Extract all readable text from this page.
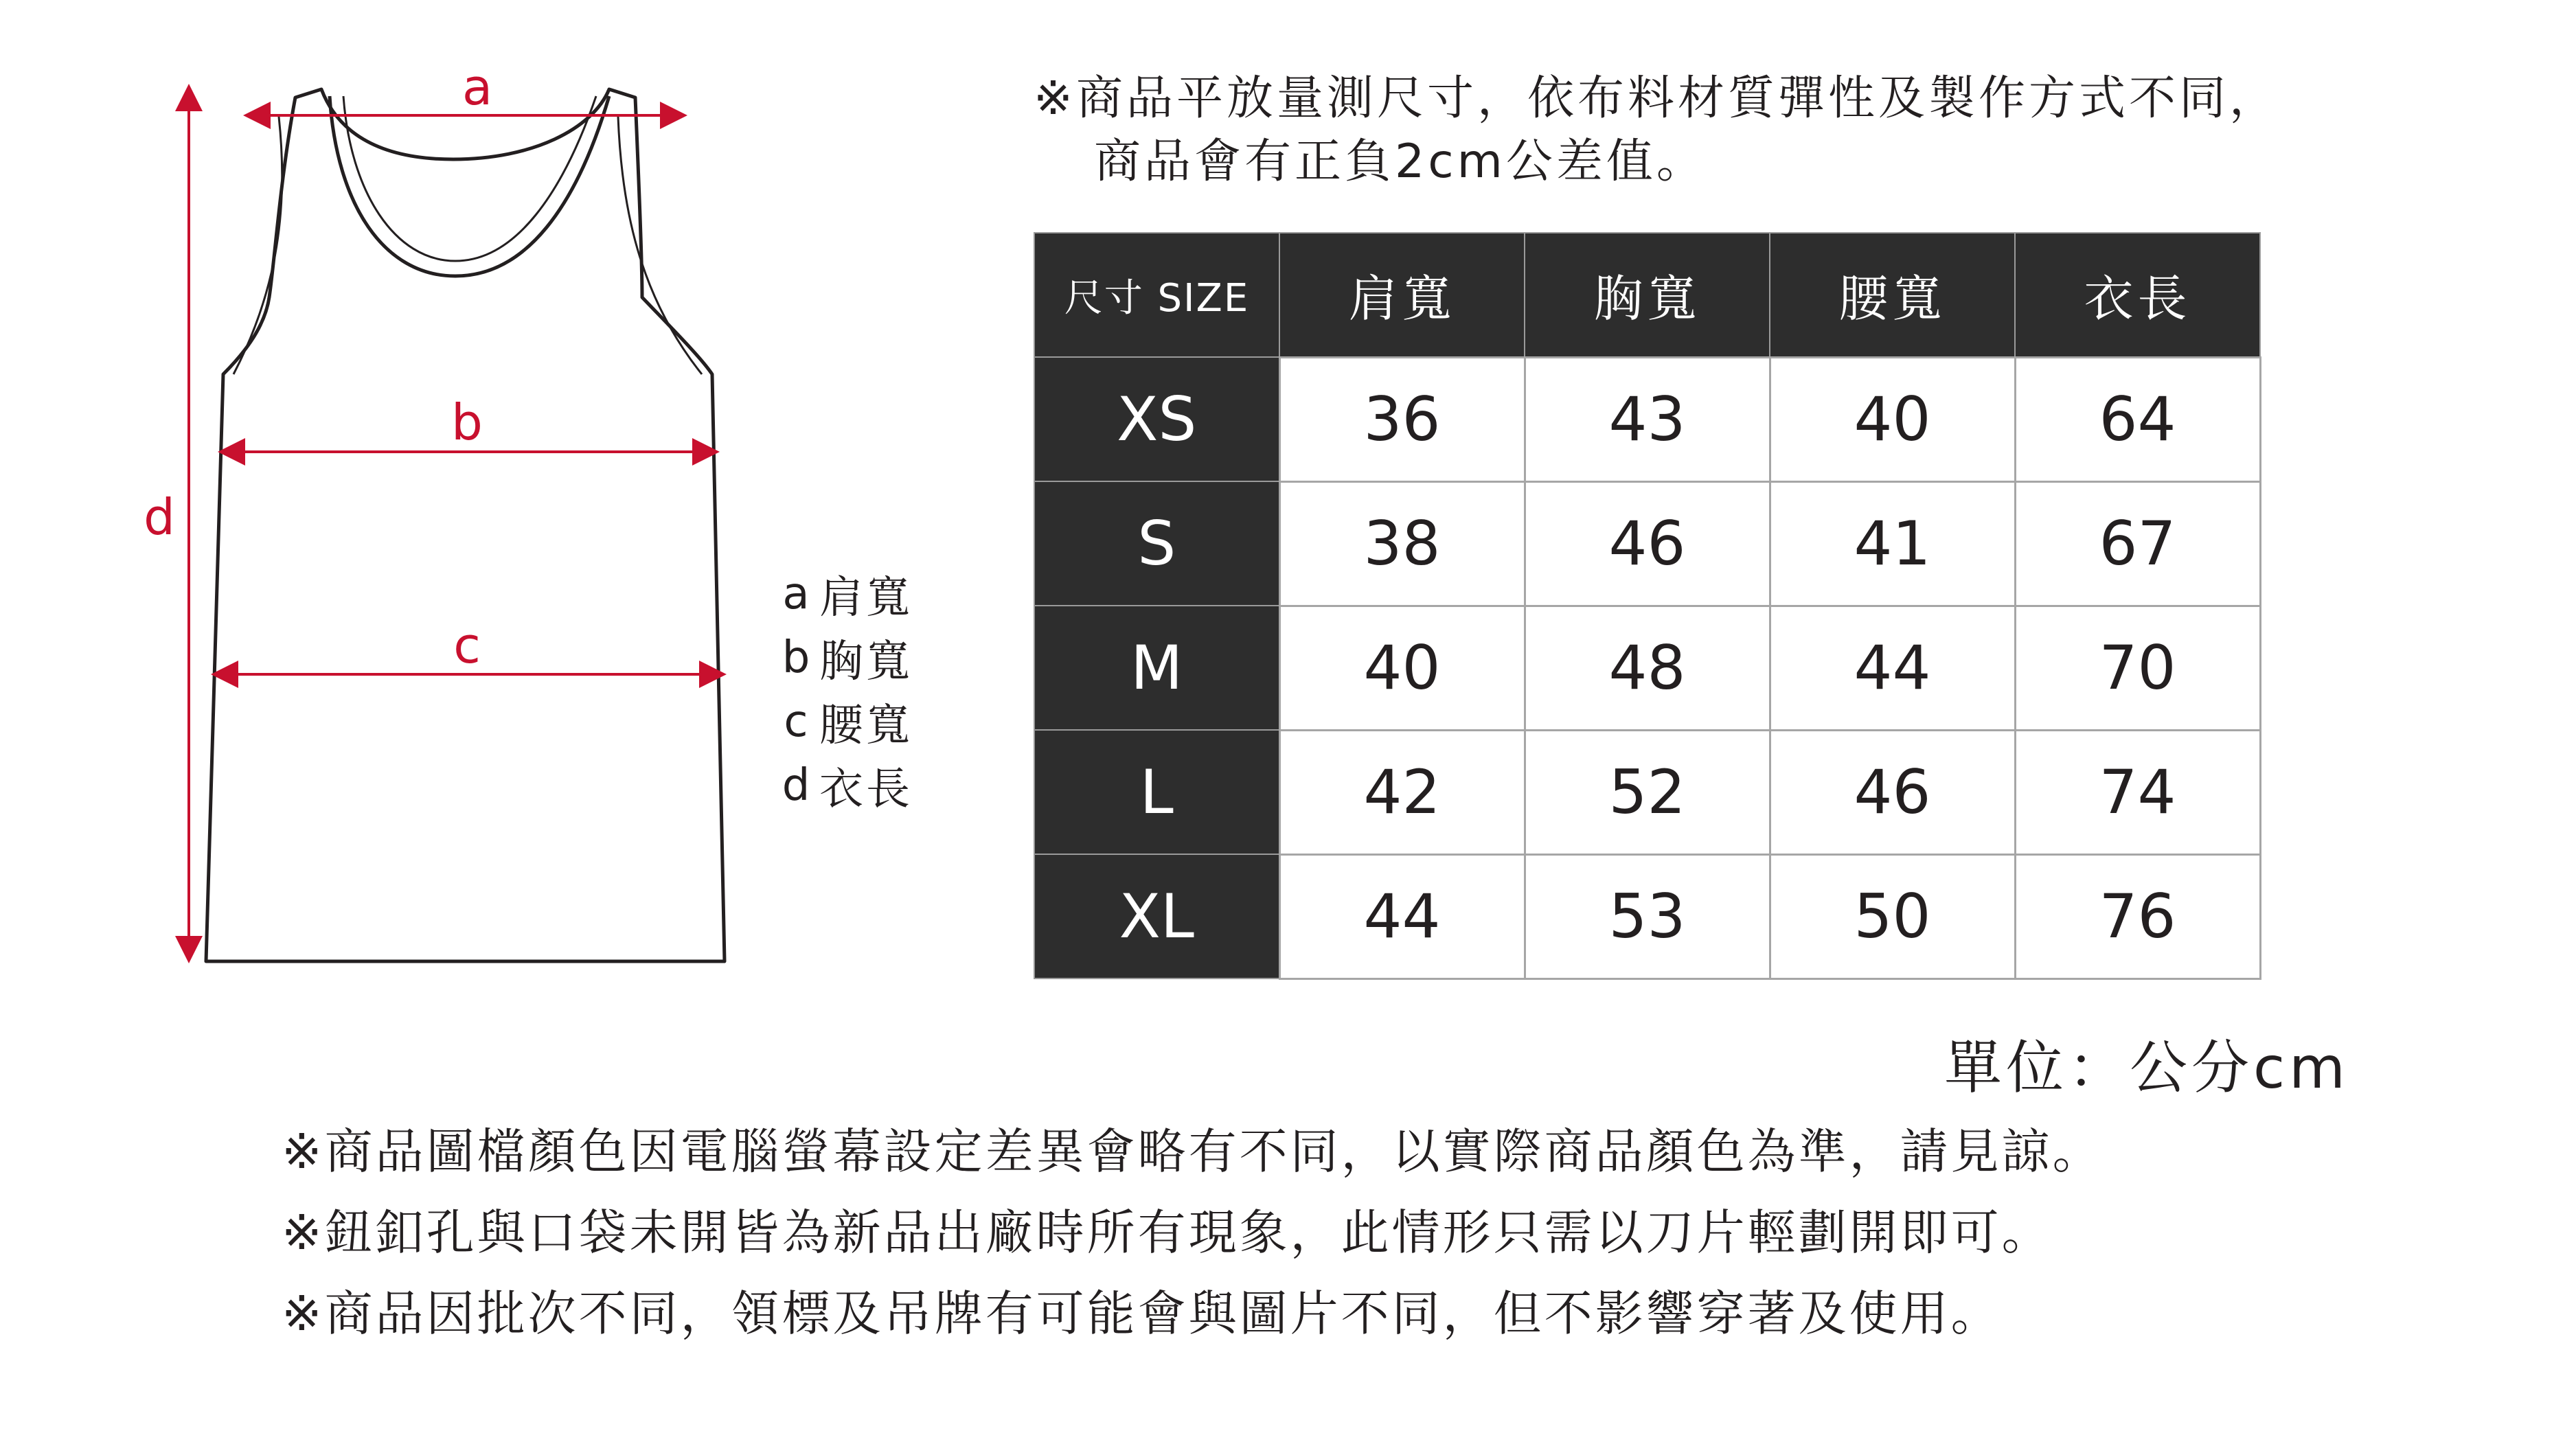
a
b
c
d
a 肩寬
b 胸寬
c 腰寬
d 衣長
※商品平放量測尺寸，依布料材質彈性及製作方式不同，
商品會有正負2cm公差值。
尺寸 SIZE	肩寬	胸寬	腰寬	衣長
XS	36	43	40	64
S	38	46	41	67
M	40	48	44	70
L	42	52	46	74
XL	44	53	50	76
單位：公分cm
※商品圖檔顏色因電腦螢幕設定差異會略有不同，以實際商品顏色為準，請見諒。
※鈕釦孔與口袋未開皆為新品出廠時所有現象，此情形只需以刀片輕劃開即可。
※商品因批次不同，領標及吊牌有可能會與圖片不同，但不影響穿著及使用。
